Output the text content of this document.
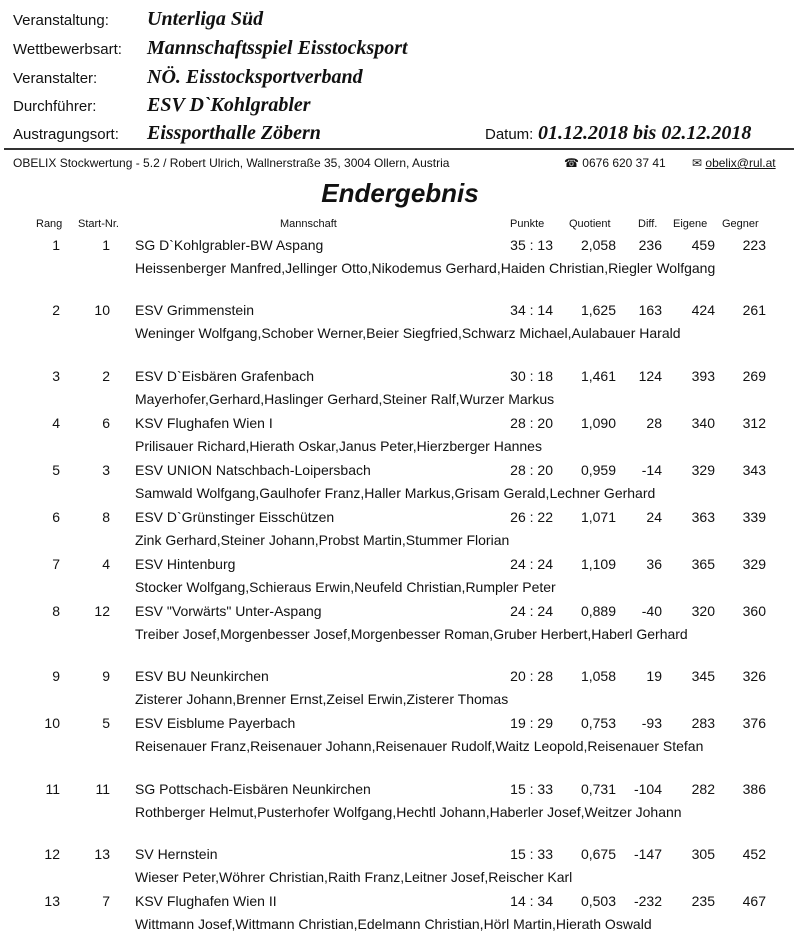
Veranstaltung: Unterliga Süd
Wettbewerbsart: Mannschaftsspiel Eisstocksport
Veranstalter: NÖ. Eisstocksportverband
Durchführer:	ESV D`Kohlgrabler
Austragungsort: Eissporthalle Zöbern	Datum: 01.12.2018 bis 02.12.2018
OBELIX Stockwertung - 5.2 / Robert Ulrich, Wallnerstraße 35, 3004 Ollern, Austria	☎ 0676 620 37 41 ✉ obelix@rul.at
Endergebnis
Rang Start-Nr.	Mannschaft	Punkte Quotient Diff. Eigene Gegner
1	1 SG D`Kohlgrabler-BW Aspang	35 : 13	2,058	236	459	223
Heissenberger Manfred,Jellinger Otto,Nikodemus Gerhard,Haiden Christian,Riegler Wolfgang
2	10 ESV Grimmenstein	34 : 14	1,625	163	424	261
Weninger Wolfgang,Schober Werner,Beier Siegfried,Schwarz Michael,Aulabauer Harald
3	2 ESV D`Eisbären Grafenbach	30 : 18	1,461	124	393	269
Mayerhofer,Gerhard,Haslinger Gerhard,Steiner Ralf,Wurzer Markus
4	6 KSV Flughafen Wien I	28 : 20	1,090	28	340	312
Prilisauer Richard,Hierath Oskar,Janus Peter,Hierzberger Hannes
5	3 ESV UNION Natschbach-Loipersbach	28 : 20	0,959	-14	329	343
Samwald Wolfgang,Gaulhofer Franz,Haller Markus,Grisam Gerald,Lechner Gerhard
6	8 ESV D`Grünstinger Eisschützen	26 : 22	1,071	24	363	339
Zink Gerhard,Steiner Johann,Probst Martin,Stummer Florian
7	4 ESV Hintenburg	24 : 24	1,109	36	365	329
Stocker Wolfgang,Schieraus Erwin,Neufeld Christian,Rumpler Peter
8	12 ESV "Vorwärts" Unter-Aspang	24 : 24	0,889	-40	320	360
Treiber Josef,Morgenbesser Josef,Morgenbesser Roman,Gruber Herbert,Haberl Gerhard
9	9 ESV BU Neunkirchen	20 : 28	1,058	19	345	326
Zisterer Johann,Brenner Ernst,Zeisel Erwin,Zisterer Thomas
10	5 ESV Eisblume Payerbach	19 : 29	0,753	-93	283	376
Reisenauer Franz,Reisenauer Johann,Reisenauer Rudolf,Waitz Leopold,Reisenauer Stefan
11	11 SG Pottschach-Eisbären Neunkirchen	15 : 33	0,731	-104	282	386
Rothberger Helmut,Pusterhofer Wolfgang,Hechtl Johann,Haberler Josef,Weitzer Johann
12	13 SV Hernstein	15 : 33	0,675	-147	305	452
Wieser Peter,Wöhrer Christian,Raith Franz,Leitner Josef,Reischer Karl
13	7 KSV Flughafen Wien II	14 : 34	0,503	-232	235	467
Wittmann Josef,Wittmann Christian,Edelmann Christian,Hörl Martin,Hierath Oswald
